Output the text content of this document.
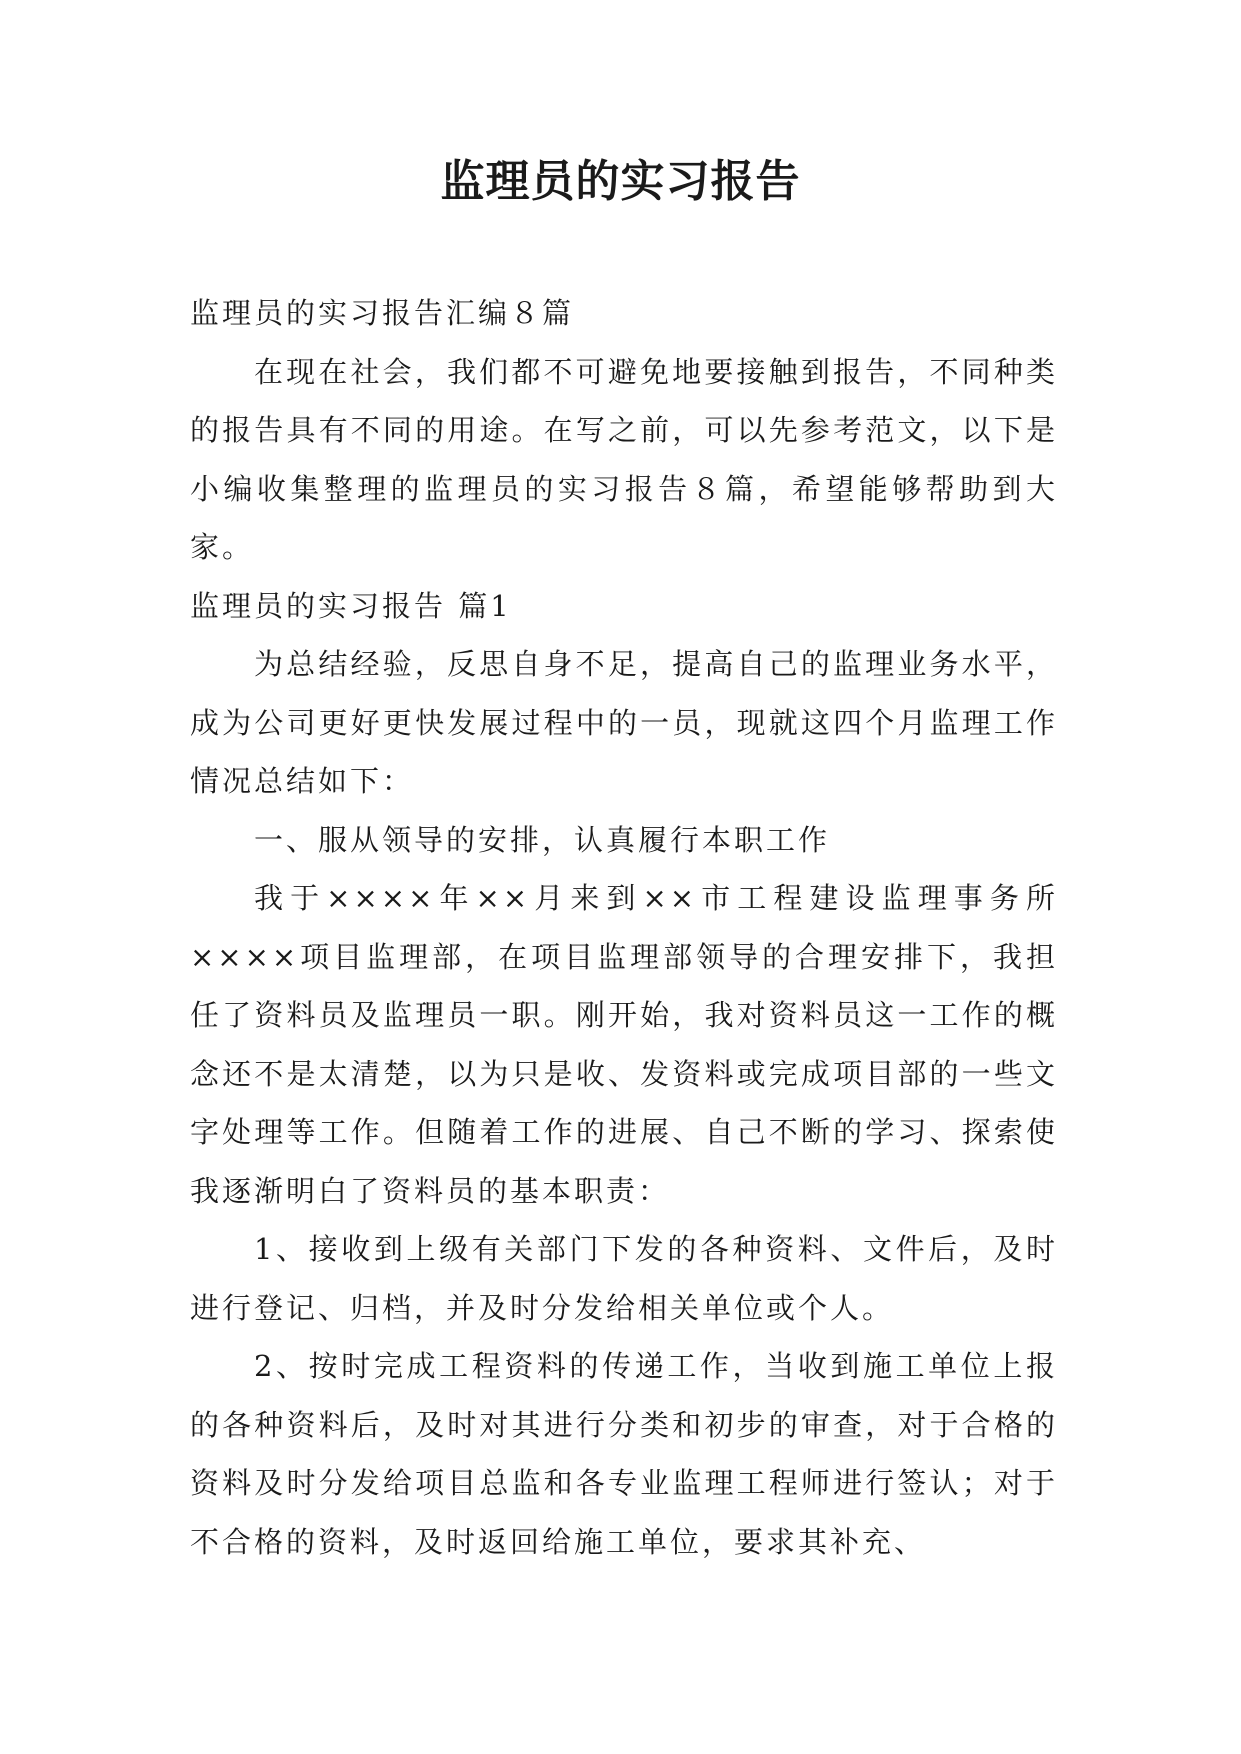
监理员的实习报告

监理员的实习报告汇编８篇

在现在社会，我们都不可避免地要接触到报告，不同种类的报告具有不同的用途。在写之前，可以先参考范文，以下是小编收集整理的监理员的实习报告８篇，希望能够帮助到大家。

监理员的实习报告 篇1

为总结经验，反思自身不足，提高自己的监理业务水平，成为公司更好更快发展过程中的一员，现就这四个月监理工作情况总结如下：

一、服从领导的安排，认真履行本职工作

我于××××年××月来到××市工程建设监理事务所××××项目监理部，在项目监理部领导的合理安排下，我担任了资料员及监理员一职。刚开始，我对资料员这一工作的概念还不是太清楚，以为只是收、发资料或完成项目部的一些文字处理等工作。但随着工作的进展、自己不断的学习、探索使我逐渐明白了资料员的基本职责：

1、接收到上级有关部门下发的各种资料、文件后，及时进行登记、归档，并及时分发给相关单位或个人。

2、按时完成工程资料的传递工作，当收到施工单位上报的各种资料后，及时对其进行分类和初步的审查，对于合格的资料及时分发给项目总监和各专业监理工程师进行签认；对于不合格的资料，及时返回给施工单位，要求其补充、
